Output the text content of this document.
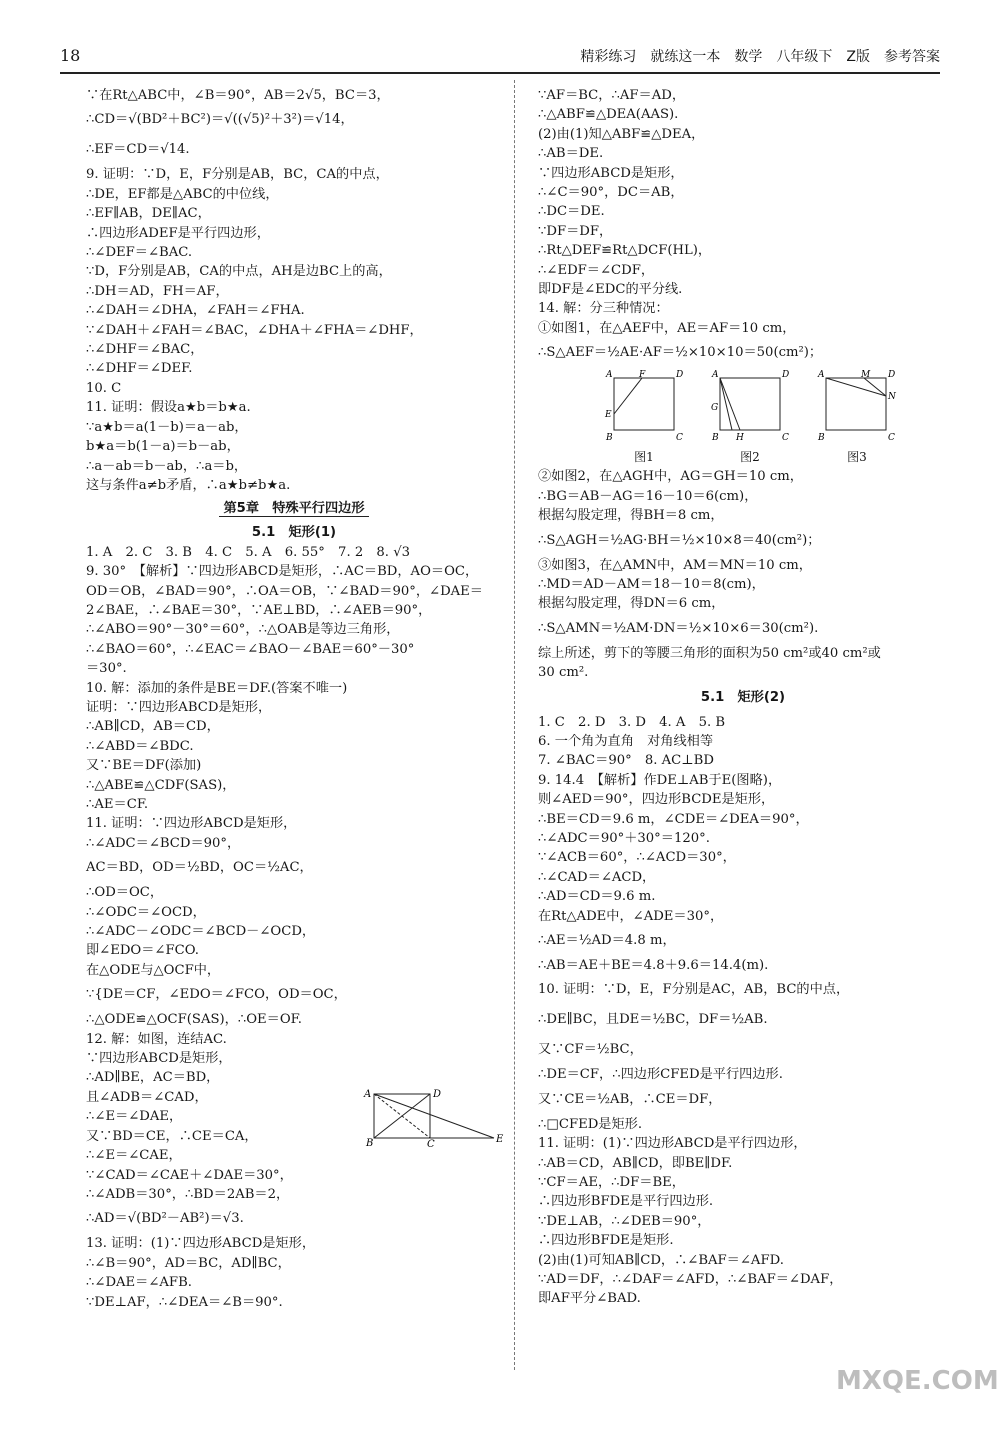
18	精彩练习　就练这一本　数学　八年级下　Z版　参考答案
∵在Rt△ABC中，∠B＝90°，AB＝2√5，BC＝3，
∴CD＝√(BD²＋BC²)＝√((√5)²＋3²)＝√14，
∴EF＝CD＝√14.
9. 证明：∵D，E，F分别是AB，BC，CA的中点，
∴DE，EF都是△ABC的中位线，
∴EF∥AB，DE∥AC，
∴四边形ADEF是平行四边形，
∴∠DEF＝∠BAC.
∵D，F分别是AB，CA的中点，AH是边BC上的高，
∴DH＝AD，FH＝AF，
∴∠DAH＝∠DHA，∠FAH＝∠FHA.
∵∠DAH＋∠FAH＝∠BAC，∠DHA＋∠FHA＝∠DHF，
∴∠DHF＝∠BAC，
∴∠DHF＝∠DEF.
10. C
11. 证明：假设a★b＝b★a.
∵a★b＝a(1－b)＝a－ab，
b★a＝b(1－a)＝b－ab，
∴a－ab＝b－ab，∴a＝b，
这与条件a≠b矛盾，∴a★b≠b★a.
第5章　特殊平行四边形
5.1　矩形(1)
1. A　2. C　3. B　4. C　5. A　6. 55°　7. 2　8. √3
9. 30°　【解析】∵四边形ABCD是矩形，∴AC＝BD，AO＝OC，
OD＝OB，∠BAD＝90°，∴OA＝OB，∵∠BAD＝90°，∠DAE＝
2∠BAE，∴∠BAE＝30°，∵AE⊥BD，∴∠AEB＝90°，
∴∠ABO＝90°－30°＝60°，∴△OAB是等边三角形，
∴∠BAO＝60°，∴∠EAC＝∠BAO－∠BAE＝60°－30°
＝30°.
10. 解：添加的条件是BE＝DF.(答案不唯一)
证明：∵四边形ABCD是矩形，
∴AB∥CD，AB＝CD，
∴∠ABD＝∠BDC.
又∵BE＝DF(添加)
∴△ABE≌△CDF(SAS)，
∴AE＝CF.
11. 证明：∵四边形ABCD是矩形，
∴∠ADC＝∠BCD＝90°，
AC＝BD，OD＝½BD，OC＝½AC，
∴OD＝OC，
∴∠ODC＝∠OCD，
∴∠ADC－∠ODC＝∠BCD－∠OCD，
即∠EDO＝∠FCO.
在△ODE与△OCF中，
∵{DE＝CF，∠EDO＝∠FCO，OD＝OC，
∴△ODE≌△OCF(SAS)，∴OE＝OF.
12. 解：如图，连结AC.
∵四边形ABCD是矩形，
∴AD∥BE，AC＝BD，
且∠ADB＝∠CAD，
∴∠E＝∠DAE，
又∵BD＝CE，∴CE＝CA，
∴∠E＝∠CAE，
∵∠CAD＝∠CAE＋∠DAE＝30°，
∴∠ADB＝30°，∴BD＝2AB＝2，
∴AD＝√(BD²－AB²)＝√3.
13. 证明：(1)∵四边形ABCD是矩形，
∴∠B＝90°，AD＝BC，AD∥BC，
∴∠DAE＝∠AFB.
∵DE⊥AF，∴∠DEA＝∠B＝90°.
A	D
B	C	E
∵AF＝BC，∴AF＝AD，
∴△ABF≌△DEA(AAS).
(2)由(1)知△ABF≌△DEA，
∴AB＝DE.
∵四边形ABCD是矩形，
∴∠C＝90°，DC＝AB，
∴DC＝DE.
∵DF＝DF，
∴Rt△DEF≌Rt△DCF(HL)，
∴∠EDF＝∠CDF，
即DF是∠EDC的平分线.
14. 解：分三种情况：
①如图1，在△AEF中，AE＝AF＝10 cm，
∴S△AEF＝½AE·AF＝½×10×10＝50(cm²)；
A	F	D
E
B	C
图1
A	D
G
B H	C
图2
A	M D
N
B	C
图3
②如图2，在△AGH中，AG＝GH＝10 cm，
∴BG＝AB－AG＝16－10＝6(cm)，
根据勾股定理，得BH＝8 cm，
∴S△AGH＝½AG·BH＝½×10×8＝40(cm²)；
③如图3，在△AMN中，AM＝MN＝10 cm，
∴MD＝AD－AM＝18－10＝8(cm)，
根据勾股定理，得DN＝6 cm，
∴S△AMN＝½AM·DN＝½×10×6＝30(cm²).
综上所述，剪下的等腰三角形的面积为50 cm²或40 cm²或
30 cm².
5.1　矩形(2)
1. C　2. D　3. D　4. A　5. B
6. 一个角为直角　对角线相等
7. ∠BAC＝90°　8. AC⊥BD
9. 14.4　【解析】作DE⊥AB于E(图略)，
则∠AED＝90°，四边形BCDE是矩形，
∴BE＝CD＝9.6 m，∠CDE＝∠DEA＝90°，
∴∠ADC＝90°＋30°＝120°.
∵∠ACB＝60°，∴∠ACD＝30°，
∴∠CAD＝∠ACD，
∴AD＝CD＝9.6 m.
在Rt△ADE中，∠ADE＝30°，
∴AE＝½AD＝4.8 m，
∴AB＝AE＋BE＝4.8＋9.6＝14.4(m).
10. 证明：∵D，E，F分别是AC，AB，BC的中点，
∴DE∥BC，且DE＝½BC，DF＝½AB.
又∵CF＝½BC，
∴DE＝CF，∴四边形CFED是平行四边形.
又∵CE＝½AB，∴CE＝DF，
∴□CFED是矩形.
11. 证明：(1)∵四边形ABCD是平行四边形，
∴AB＝CD，AB∥CD，即BE∥DF.
∵CF＝AE，∴DF＝BE，
∴四边形BFDE是平行四边形.
∵DE⊥AB，∴∠DEB＝90°，
∴四边形BFDE是矩形.
(2)由(1)可知AB∥CD，∴∠BAF＝∠AFD.
∵AD＝DF，∴∠DAF＝∠AFD，∴∠BAF＝∠DAF，
即AF平分∠BAD.
MXQE.COM
